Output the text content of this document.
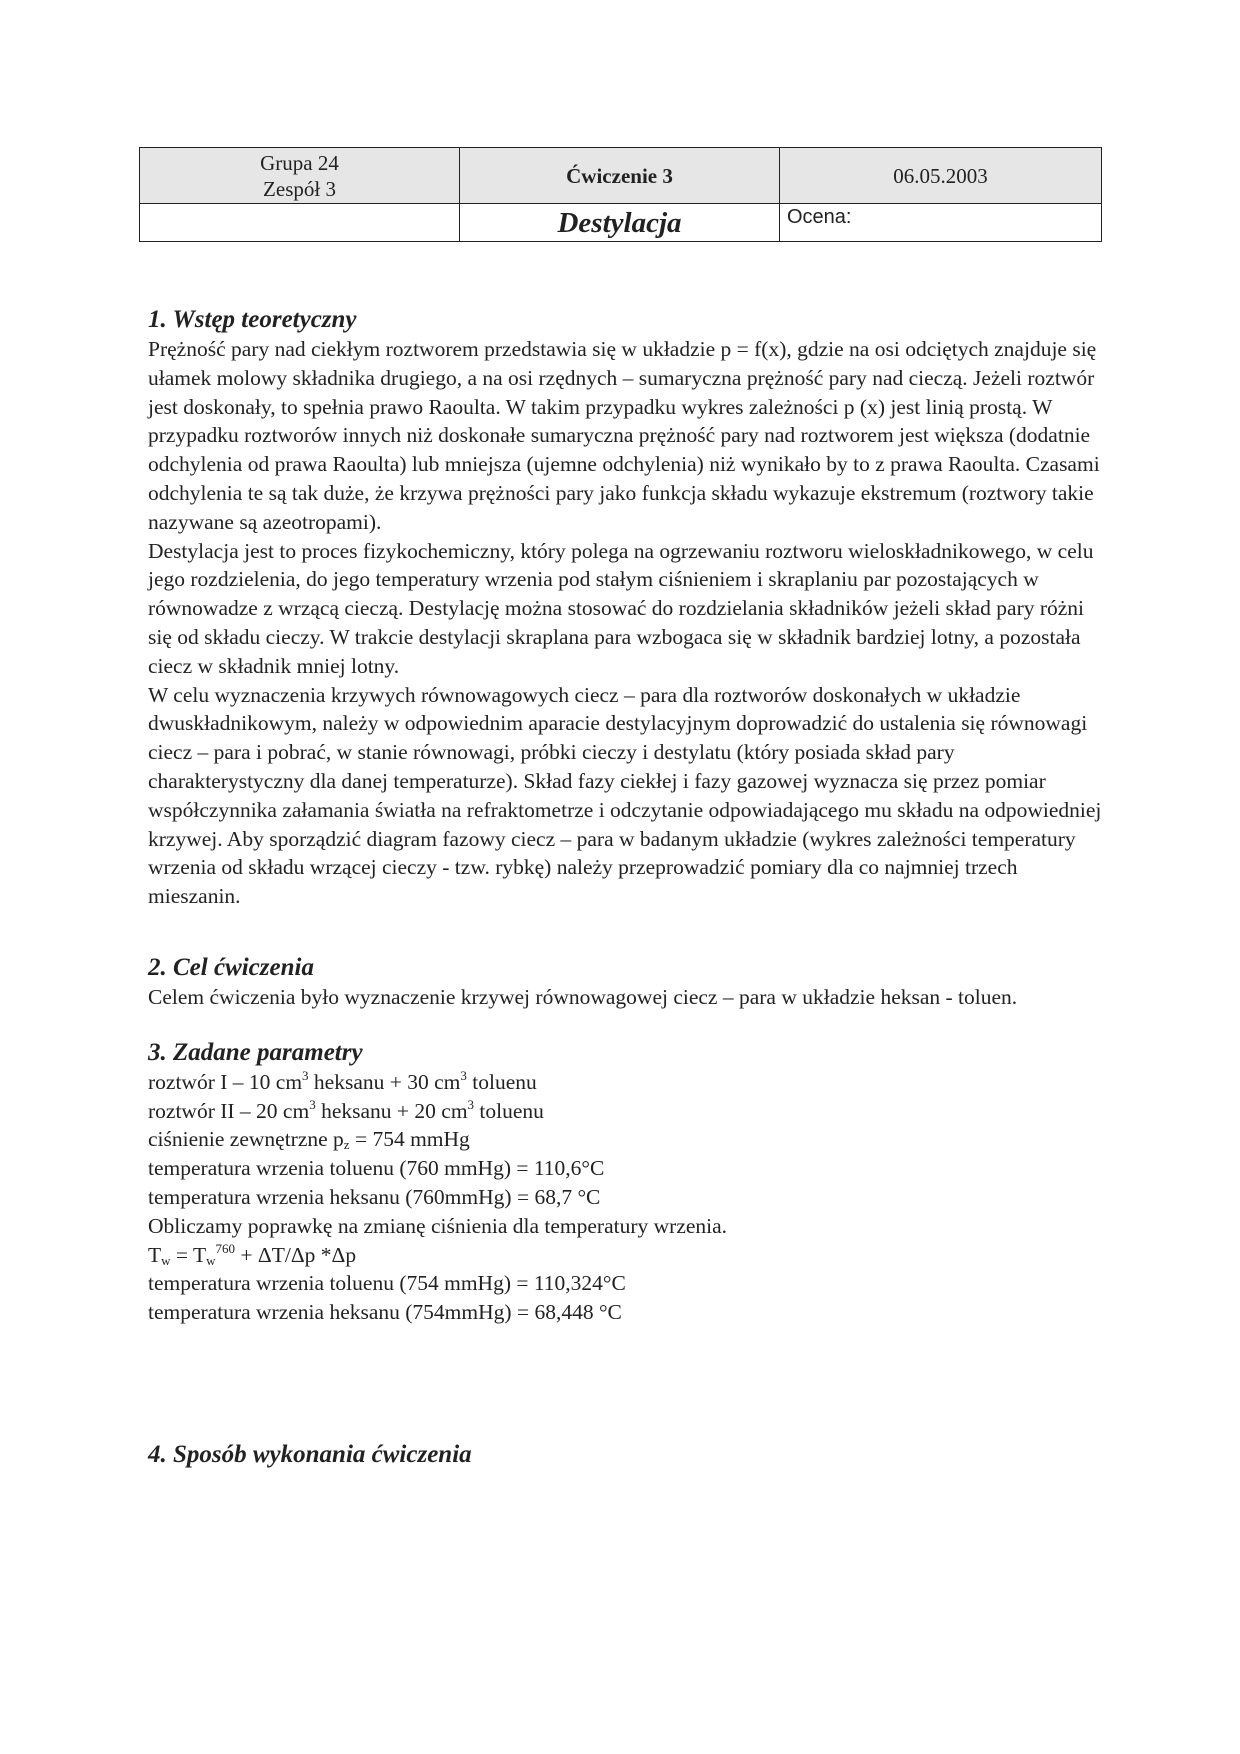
Grupa 24
Zespół 3	Ćwiczenie 3	06.05.2003
	Destylacja	Ocena:
1. Wstęp teoretyczny

Prężność pary nad ciekłym roztworem przedstawia się w układzie p = f(x), gdzie na osi odciętych znajduje się ułamek molowy składnika drugiego, a na osi rzędnych – sumaryczna prężność pary nad cieczą. Jeżeli roztwór jest doskonały, to spełnia prawo Raoulta. W takim przypadku wykres zależności p (x) jest linią prostą. W przypadku roztworów innych niż doskonałe sumaryczna prężność pary nad roztworem jest większa (dodatnie odchylenia od prawa Raoulta) lub mniejsza (ujemne odchylenia) niż wynikało by to z prawa Raoulta. Czasami odchylenia te są tak duże, że krzywa prężności pary jako funkcja składu wykazuje ekstremum (roztwory takie nazywane są azeotropami).

Destylacja jest to proces fizykochemiczny, który polega na ogrzewaniu roztworu wieloskładnikowego, w celu jego rozdzielenia, do jego temperatury wrzenia pod stałym ciśnieniem i skraplaniu par pozostających w równowadze z wrzącą cieczą. Destylację można stosować do rozdzielania składników jeżeli skład pary różni się od składu cieczy. W trakcie destylacji skraplana para wzbogaca się w składnik bardziej lotny, a pozostała ciecz w składnik mniej lotny.

W celu wyznaczenia krzywych równowagowych ciecz – para dla roztworów doskonałych w układzie dwuskładnikowym, należy w odpowiednim aparacie destylacyjnym doprowadzić do ustalenia się równowagi ciecz – para i pobrać, w stanie równowagi, próbki cieczy i destylatu (który posiada skład pary charakterystyczny dla danej temperaturze). Skład fazy ciekłej i fazy gazowej wyznacza się przez pomiar współczynnika załamania światła na refraktometrze i odczytanie odpowiadającego mu składu na odpowiedniej krzywej. Aby sporządzić diagram fazowy ciecz – para w badanym układzie (wykres zależności temperatury wrzenia od składu wrzącej cieczy - tzw. rybkę) należy przeprowadzić pomiary dla co najmniej trzech mieszanin.

2. Cel ćwiczenia

Celem ćwiczenia było wyznaczenie krzywej równowagowej ciecz – para w układzie heksan - toluen.

3. Zadane parametry

roztwór I – 10 $cm^3$ heksanu + 30 $cm^3$ toluenu

roztwór II – 20 $cm^3$ heksanu + 20 $cm^3$ toluenu

ciśnienie zewnętrzne $p_z = 754$ mmHg

temperatura wrzenia toluenu (760 mmHg) = 110,6°C

temperatura wrzenia heksanu (760mmHg) = 68,7 °C

Obliczamy poprawkę na zmianę ciśnienia dla temperatury wrzenia.

$T_w = T_w^{760} + \Delta T/\Delta p$ *Δp

temperatura wrzenia toluenu (754 mmHg) = 110,324°C

temperatura wrzenia heksanu (754mmHg) = 68,448 °C

4. Sposób wykonania ćwiczenia
